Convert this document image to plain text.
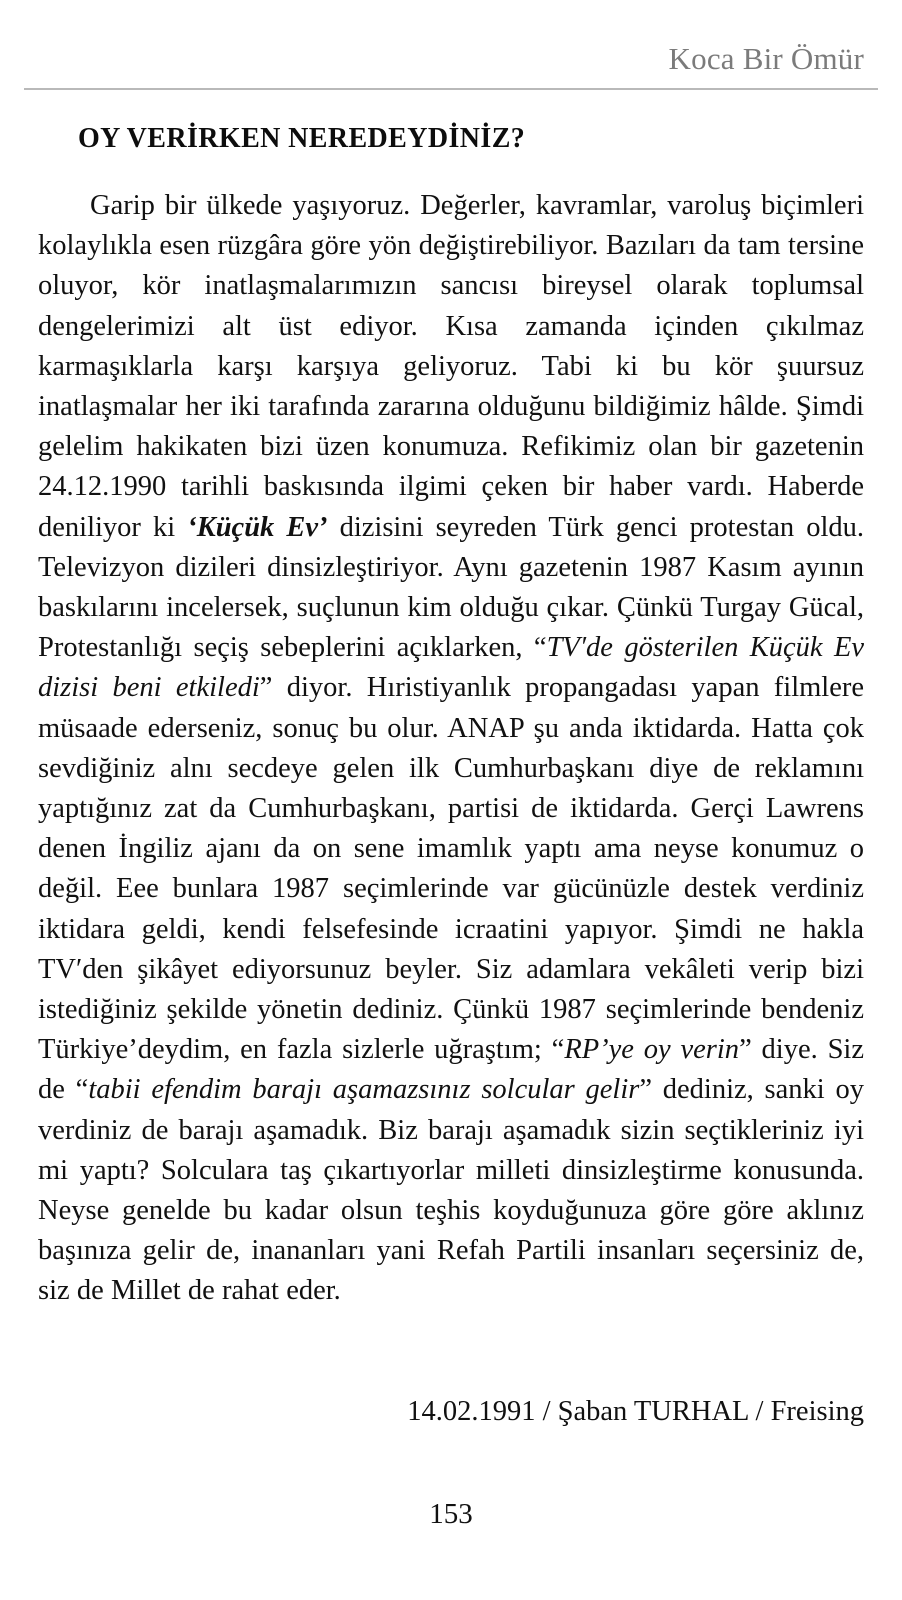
Koca Bir Ömür
OY VERİRKEN NEREDEYDİNİZ?

Garip bir ülkede yaşıyoruz. Değerler, kavramlar, varoluş biçimleri kolaylıkla esen rüzgâra göre yön değiştirebiliyor. Bazıları da tam tersine oluyor, kör inatlaşmalarımızın sancısı bireysel olarak toplumsal dengelerimizi alt üst ediyor. Kısa zamanda içinden çıkılmaz karmaşıklarla karşı karşıya geliyoruz. Tabi ki bu kör şuursuz inatlaşmalar her iki tarafında zararına olduğunu bildiğimiz hâlde. Şimdi gelelim hakikaten bizi üzen konumuza. Refikimiz olan bir gazetenin 24.12.1990 tarihli baskısında ilgimi çeken bir haber vardı. Haberde deniliyor ki ‘Küçük Ev’ dizisini seyreden Türk genci protestan oldu. Televizyon dizileri dinsizleştiriyor. Aynı gazetenin 1987 Kasım ayının baskılarını incelersek, suçlunun kim olduğu çıkar. Çünkü Turgay Gücal, Protestanlığı seçiş sebeplerini açıklarken, “TV′de gösterilen Küçük Ev dizisi beni etkiledi” diyor. Hıristiyanlık propangadası yapan filmlere müsaade ederseniz, sonuç bu olur. ANAP şu anda iktidarda. Hatta çok sevdiğiniz alnı secdeye gelen ilk Cumhurbaşkanı diye de reklamını yaptığınız zat da Cumhurbaşkanı, partisi de iktidarda. Gerçi Lawrens denen İngiliz ajanı da on sene imamlık yaptı ama neyse konumuz o değil. Eee bunlara 1987 seçimlerinde var gücünüzle destek verdiniz iktidara geldi, kendi felsefesinde icraatini yapıyor. Şimdi ne hakla TV′den şikâyet ediyorsunuz beyler. Siz adamlara vekâleti verip bizi istediğiniz şekilde yönetin dediniz. Çünkü 1987 seçimlerinde bendeniz Türkiye’deydim, en fazla sizlerle uğraştım; “RP’ye oy verin” diye. Siz de “tabii efendim barajı aşamazsınız solcular gelir” dediniz, sanki oy verdiniz de barajı aşamadık. Biz barajı aşamadık sizin seçtikleriniz iyi mi yaptı? Solculara taş çıkartıyorlar milleti dinsizleştirme konusunda. Neyse genelde bu kadar olsun teşhis koyduğunuza göre göre aklınız başınıza gelir de, inananları yani Refah Partili insanları seçersiniz de, siz de Millet de rahat eder.

14.02.1991 / Şaban TURHAL / Freising
153
